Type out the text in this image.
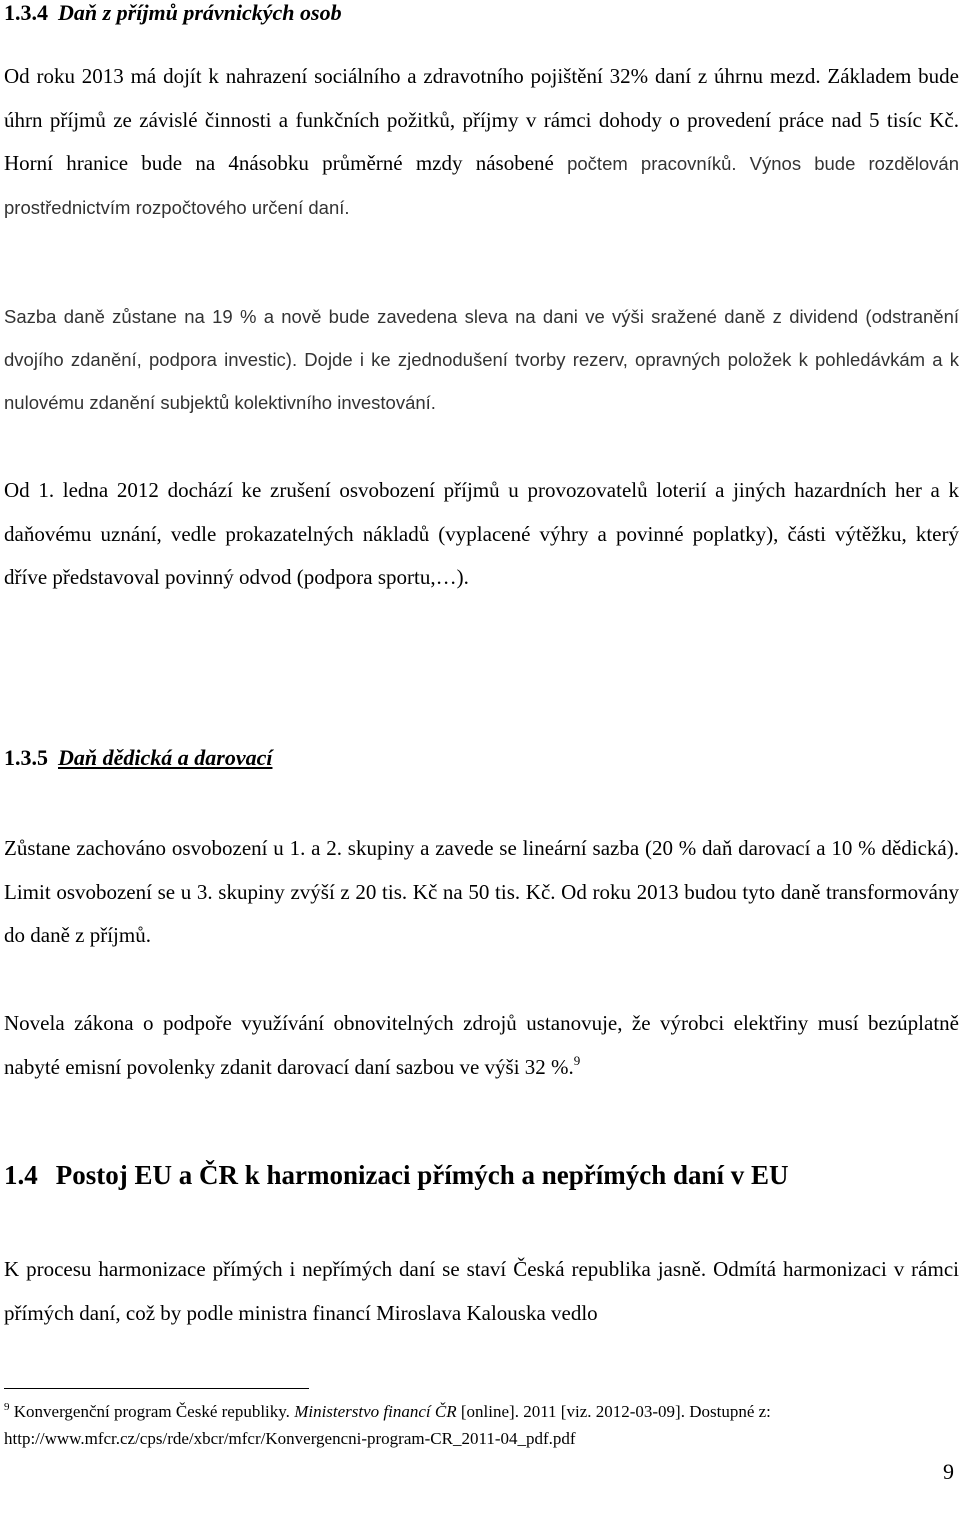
1.3.4 Daň z příjmů právnických osob
Od roku 2013 má dojít k nahrazení sociálního a zdravotního pojištění 32% daní z úhrnu mezd. Základem bude úhrn příjmů ze závislé činnosti a funkčních požitků, příjmy v rámci dohody o provedení práce nad 5 tisíc Kč. Horní hranice bude na 4násobku průměrné mzdy násobené počtem pracovníků. Výnos bude rozdělován prostřednictvím rozpočtového určení daní.
Sazba daně zůstane na 19 % a nově bude zavedena sleva na dani ve výši sražené daně z dividend (odstranění dvojího zdanění, podpora investic). Dojde i ke zjednodušení tvorby rezerv, opravných položek k pohledávkám a k nulovému zdanění subjektů kolektivního investování.
Od 1. ledna 2012 dochází ke zrušení osvobození příjmů u provozovatelů loterií a jiných hazardních her a k daňovému uznání, vedle prokazatelných nákladů (vyplacené výhry a povinné poplatky), části výtěžku, který dříve představoval povinný odvod (podpora sportu,…).
1.3.5 Daň dědická a darovací
Zůstane zachováno osvobození u 1. a 2. skupiny a zavede se lineární sazba (20 % daň darovací a 10 % dědická). Limit osvobození se u 3. skupiny zvýší z 20 tis. Kč na 50 tis. Kč. Od roku 2013 budou tyto daně transformovány do daně z příjmů.
Novela zákona o podpoře využívání obnovitelných zdrojů ustanovuje, že výrobci elektřiny musí bezúplatně nabyté emisní povolenky zdanit darovací daní sazbou ve výši 32 %.$^9$
1.4 Postoj EU a ČR k harmonizaci přímých a nepřímých daní v EU
K procesu harmonizace přímých i nepřímých daní se staví Česká republika jasně. Odmítá harmonizaci v rámci přímých daní, což by podle ministra financí Miroslava Kalouska vedlo
$^9$ Konvergenční program České republiky. Ministerstvo financí ČR [online]. 2011 [viz. 2012-03-09]. Dostupné z: http://www.mfcr.cz/cps/rde/xbcr/mfcr/Konvergencni-program-CR_2011-04_pdf.pdf
9
